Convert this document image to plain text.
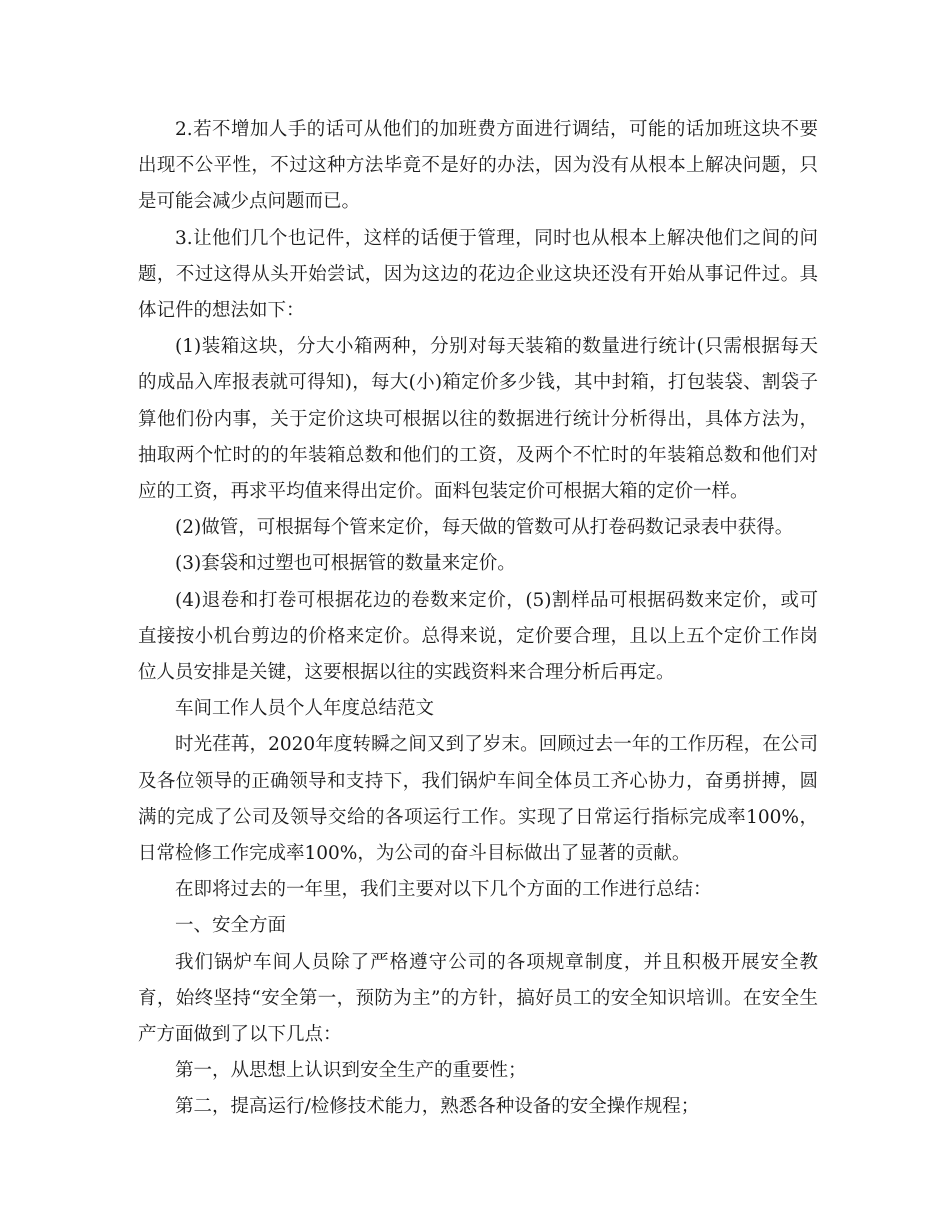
2.若不增加人手的话可从他们的加班费方面进行调结，可能的话加班这块不要出现不公平性，不过这种方法毕竟不是好的办法，因为没有从根本上解决问题，只是可能会减少点问题而已。

3.让他们几个也记件，这样的话便于管理，同时也从根本上解决他们之间的问题，不过这得从头开始尝试，因为这边的花边企业这块还没有开始从事记件过。具体记件的想法如下：

(1)装箱这块，分大小箱两种，分别对每天装箱的数量进行统计(只需根据每天的成品入库报表就可得知)，每大(小)箱定价多少钱，其中封箱，打包装袋、割袋子算他们份内事，关于定价这块可根据以往的数据进行统计分析得出，具体方法为，抽取两个忙时的的年装箱总数和他们的工资，及两个不忙时的年装箱总数和他们对应的工资，再求平均值来得出定价。面料包装定价可根据大箱的定价一样。

(2)做管，可根据每个管来定价，每天做的管数可从打卷码数记录表中获得。

(3)套袋和过塑也可根据管的数量来定价。

(4)退卷和打卷可根据花边的卷数来定价，(5)割样品可根据码数来定价，或可直接按小机台剪边的价格来定价。总得来说，定价要合理，且以上五个定价工作岗位人员安排是关键，这要根据以往的实践资料来合理分析后再定。

车间工作人员个人年度总结范文

时光荏苒，2020年度转瞬之间又到了岁末。回顾过去一年的工作历程，在公司及各位领导的正确领导和支持下，我们锅炉车间全体员工齐心协力，奋勇拼搏，圆满的完成了公司及领导交给的各项运行工作。实现了日常运行指标完成率100%，日常检修工作完成率100%，为公司的奋斗目标做出了显著的贡献。

在即将过去的一年里，我们主要对以下几个方面的工作进行总结：

一、安全方面

我们锅炉车间人员除了严格遵守公司的各项规章制度，并且积极开展安全教育，始终坚持“安全第一，预防为主”的方针，搞好员工的安全知识培训。在安全生产方面做到了以下几点：

第一，从思想上认识到安全生产的重要性；

第二，提高运行/检修技术能力，熟悉各种设备的安全操作规程；
